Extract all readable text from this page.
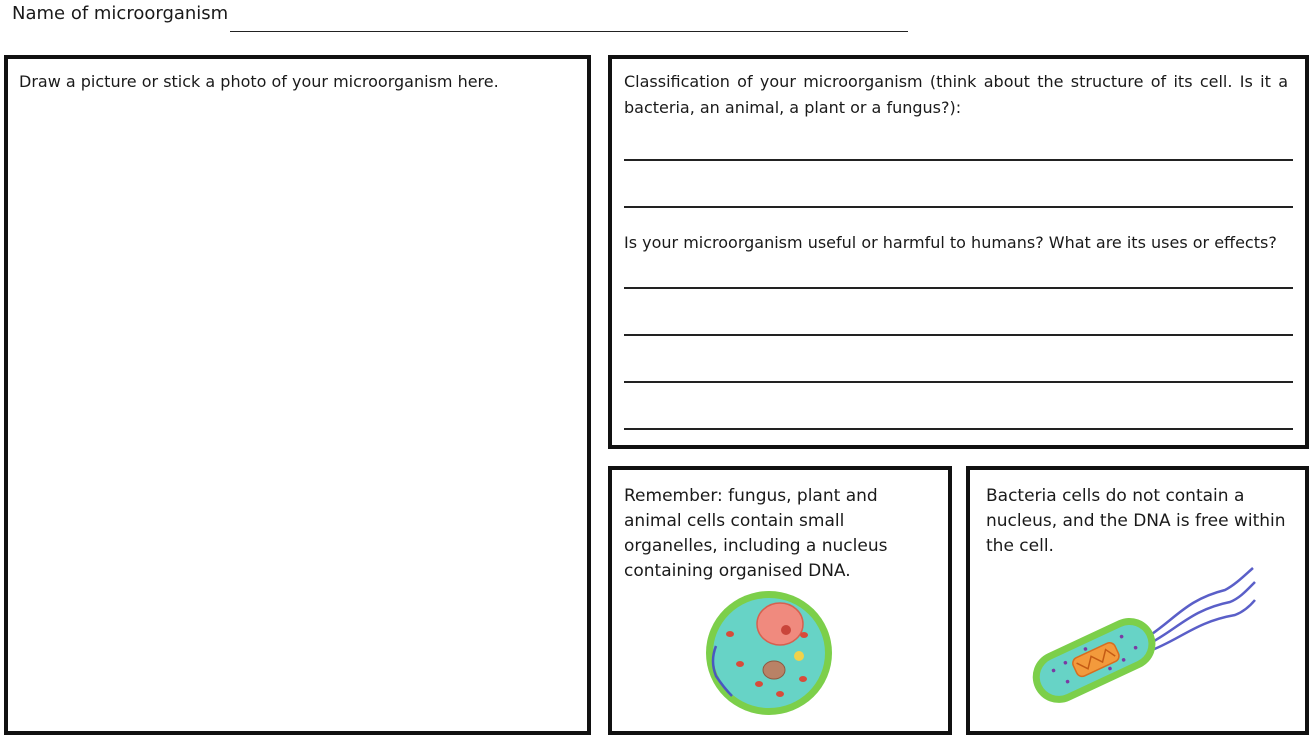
Name of microorganism
Draw a picture or stick a photo of your microorganism here.	Classification of your microorganism (think about the structure of its cell. Is it a bacteria, an animal, a plant or a fungus?):
Is your microorganism useful or harmful to humans? What are its uses or effects?
Remember: fungus, plant and animal cells contain small organelles, including a nucleus containing organised DNA.
Bacteria cells do not contain a nucleus, and the DNA is free within the cell.
